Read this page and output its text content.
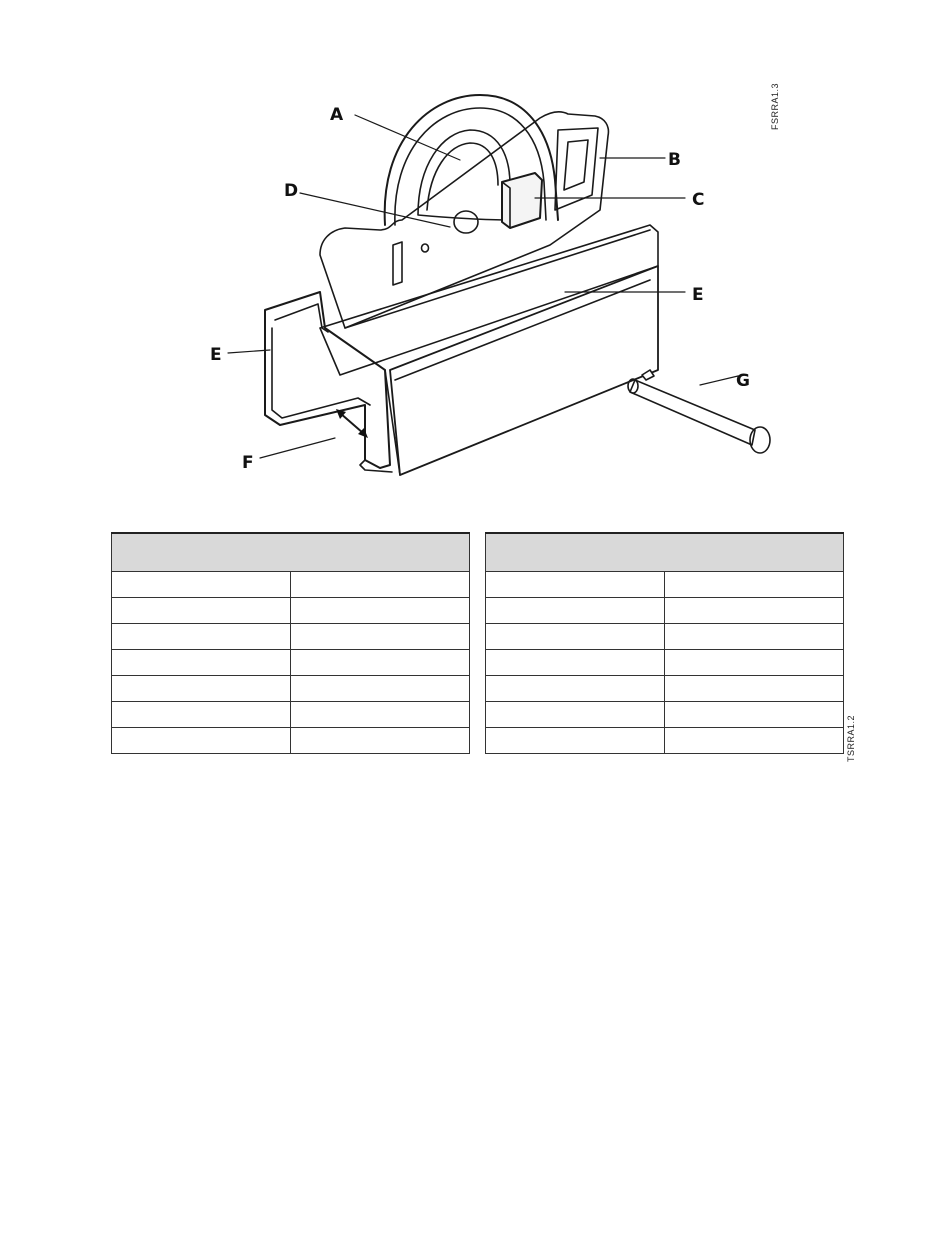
A
B
C
D
E
E
F
G
FSRRA1.3

TSRRA1.2
